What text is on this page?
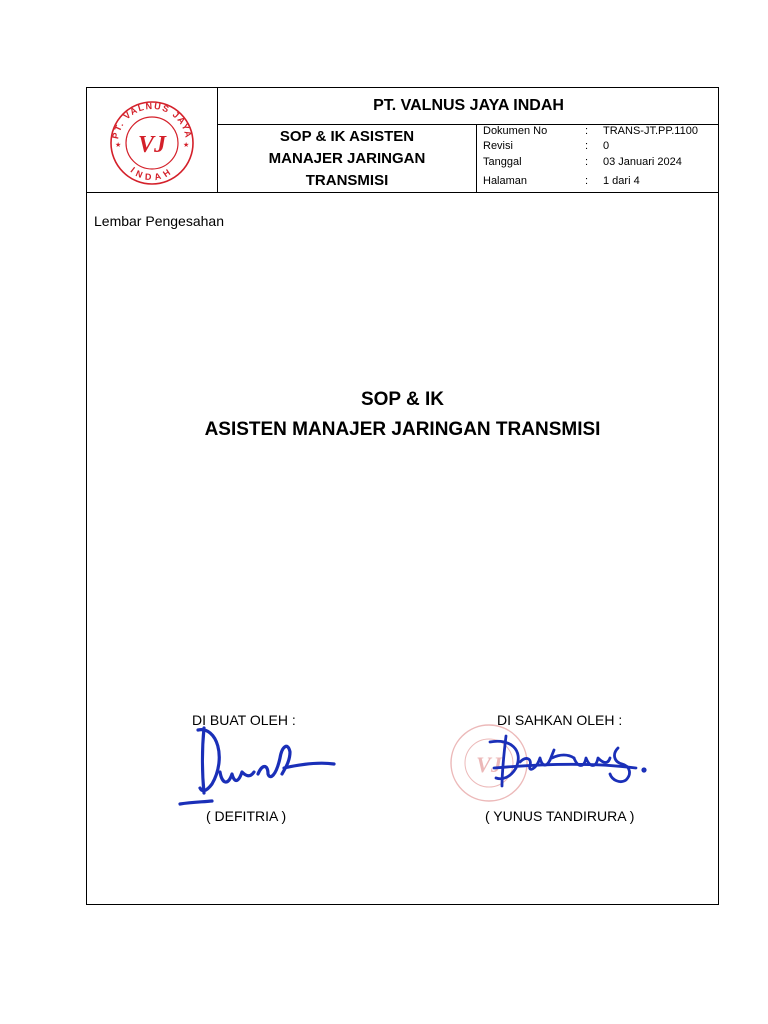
PT. VALNUS JAYA
INDAH
VJ
★	★
PT. VALNUS JAYA INDAH
SOP & IK ASISTEN
MANAJER JARINGAN
TRANSMISI
Dokumen No	: TRANS-JT.PP.1100
Revisi	: 0
Tanggal	: 03 Januari 2024
Halaman	: 1 dari 4
Lembar Pengesahan
SOP & IK
ASISTEN MANAJER JARINGAN TRANSMISI
DI BUAT OLEH :	DI SAHKAN OLEH :
VJ
( DEFITRIA )	( YUNUS TANDIRURA )
